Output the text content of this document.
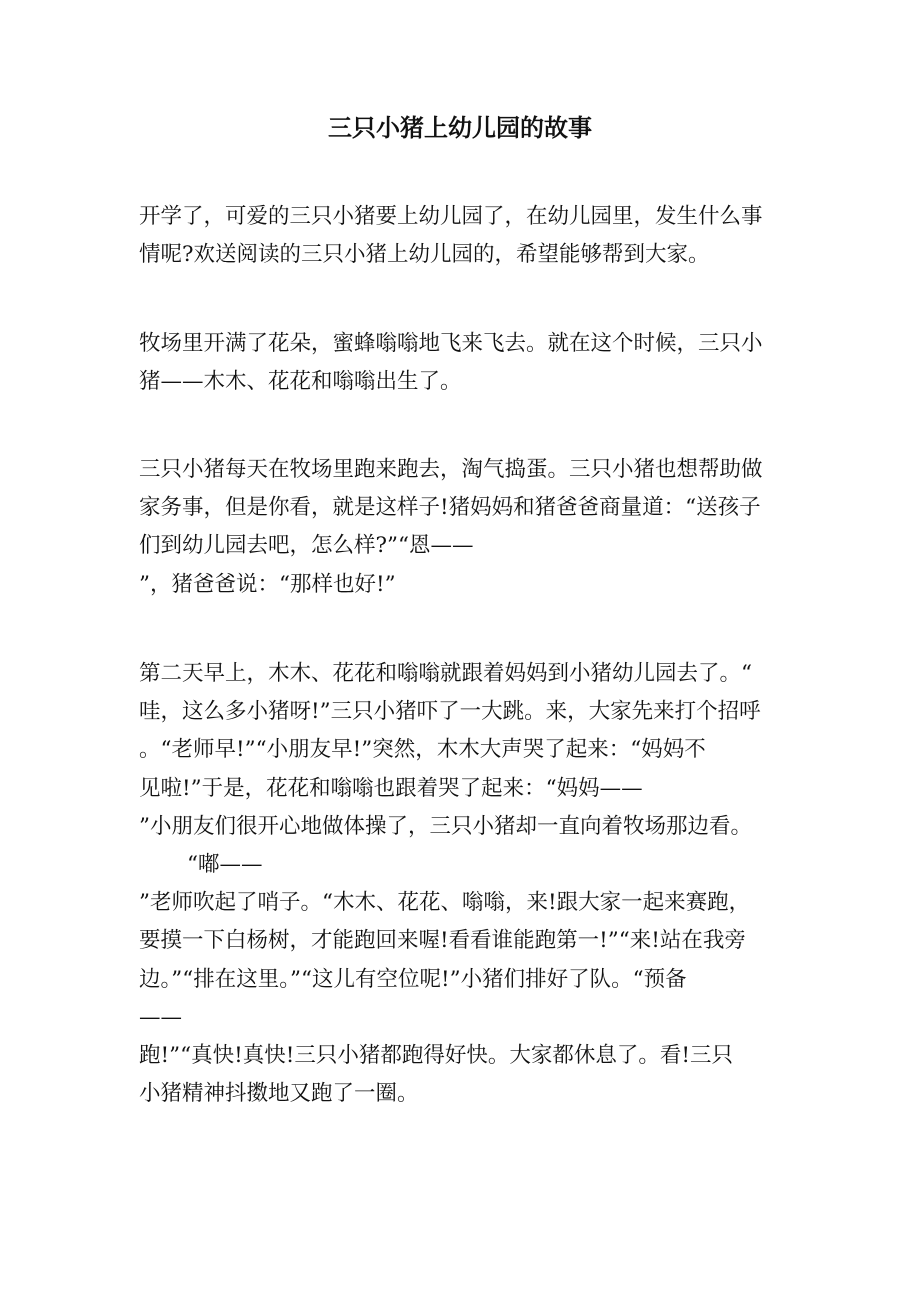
三只小猪上幼儿园的故事
开学了，可爱的三只小猪要上幼儿园了，在幼儿园里，发生什么事
情呢?欢送阅读的三只小猪上幼儿园的，希望能够帮到大家。
牧场里开满了花朵，蜜蜂嗡嗡地飞来飞去。就在这个时候，三只小
猪——木木、花花和嗡嗡出生了。
三只小猪每天在牧场里跑来跑去，淘气捣蛋。三只小猪也想帮助做
家务事，但是你看，就是这样子!猪妈妈和猪爸爸商量道：“送孩子
们到幼儿园去吧，怎么样?”“恩——
”，猪爸爸说：“那样也好!”
第二天早上，木木、花花和嗡嗡就跟着妈妈到小猪幼儿园去了。“
哇，这么多小猪呀!”三只小猪吓了一大跳。来，大家先来打个招呼
。“老师早!”“小朋友早!”突然，木木大声哭了起来：“妈妈不
见啦!”于是，花花和嗡嗡也跟着哭了起来：“妈妈——
”小朋友们很开心地做体操了，三只小猪却一直向着牧场那边看。
“嘟——
”老师吹起了哨子。“木木、花花、嗡嗡，来!跟大家一起来赛跑，
要摸一下白杨树，才能跑回来喔!看看谁能跑第一!”“来!站在我旁
边。”“排在这里。”“这儿有空位呢!”小猪们排好了队。“预备
——
跑!”“真快!真快!三只小猪都跑得好快。大家都休息了。看!三只
小猪精神抖擞地又跑了一圈。
